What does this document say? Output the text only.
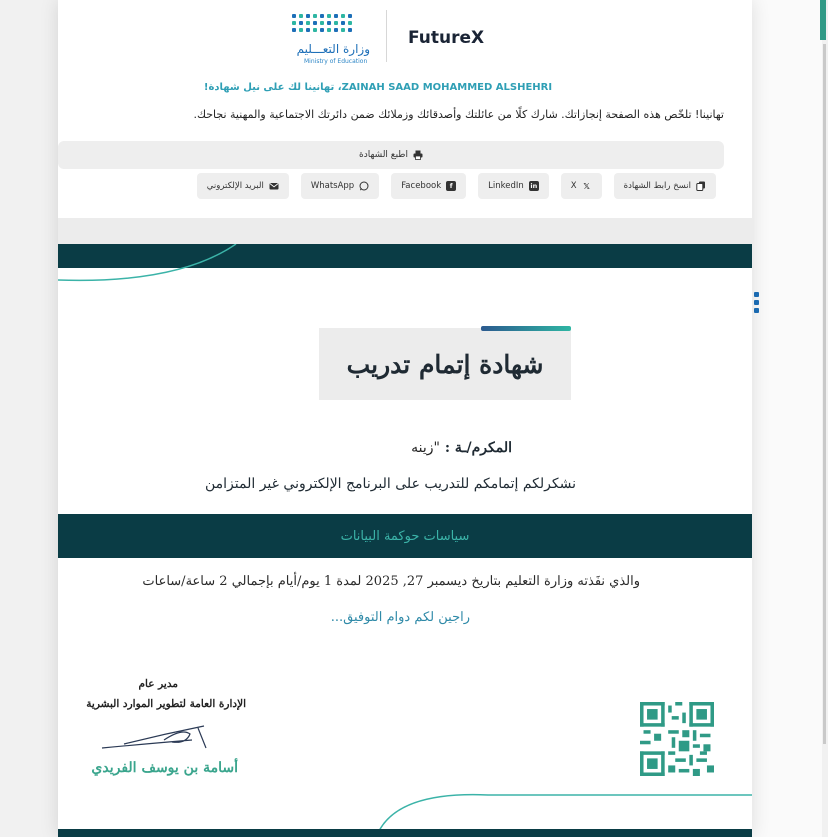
وزارة التعـــليم
Ministry of Education
FutureX
ZAINAH SAAD MOHAMMED ALSHEHRI، تهانينا لك على نيل شهادة!
تهانينا! تلخّص هذه الصفحة إنجازاتك. شارك كلًا من عائلتك وأصدقائك وزملائك ضمن دائرتك الاجتماعية والمهنية نجاحك.
اطبع الشهادة
انسخ رابط الشهادة
𝕏
X
in
LinkedIn
f
Facebook
WhatsApp
البريد الإلكتروني
شهادة إتمام تدريب
المكرم/ـة : "زينه
نشكرلكم إتمامكم للتدريب على البرنامج الإلكتروني غير المتزامن
سياسات حوكمة البيانات
والذي نفَذته وزارة التعليم بتاريخ ديسمبر 27, 2025 لمدة 1 يوم/أيام بإجمالي 2 ساعة/ساعات
راجين لكم دوام التوفيق...
مدير عام
الإدارة العامة لتطوير الموارد البشرية
أسامة بن يوسف الفريدي
